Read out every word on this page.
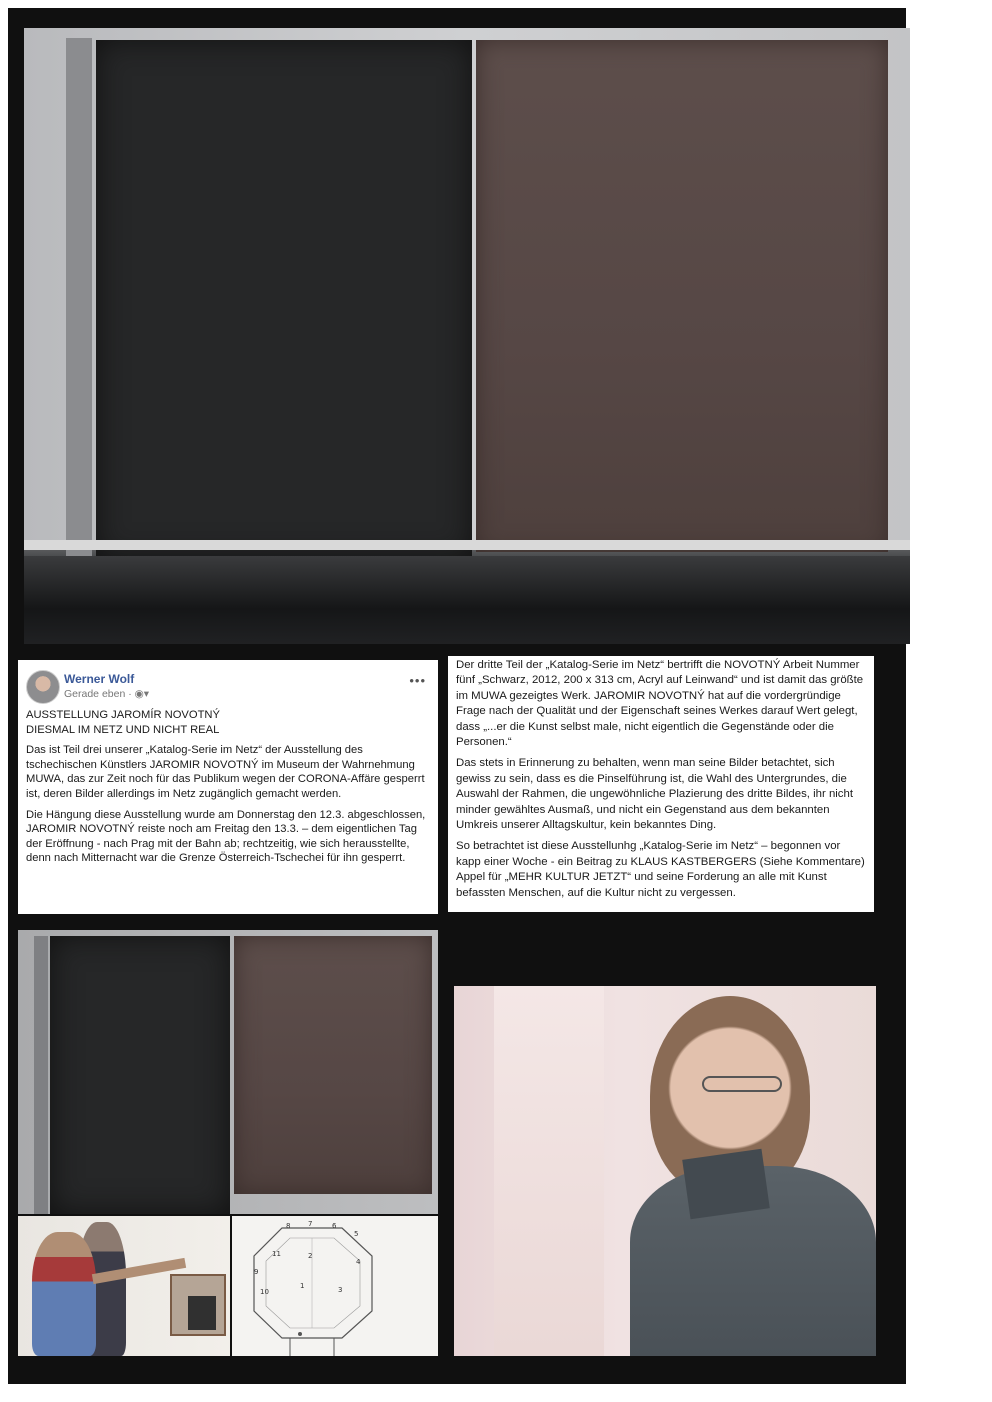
Werner Wolf
Gerade eben · ◉▾
•••

AUSSTELLUNG JAROMÍR NOVOTNÝ
DIESMAL IM NETZ UND NICHT REAL

Das ist Teil drei unserer „Katalog-Serie im Netz“ der Ausstellung des tschechischen Künstlers JAROMIR NOVOTNÝ im Museum der Wahrnehmung MUWA, das zur Zeit noch für das Publikum wegen der CORONA-Affäre gesperrt ist, deren Bilder allerdings im Netz zugänglich gemacht werden.

Die Hängung diese Ausstellung wurde am Donnerstag den 12.3. abgeschlossen, JAROMIR NOVOTNÝ reiste noch am Freitag den 13.3. – dem eigentlichen Tag der Eröffnung - nach Prag mit der Bahn ab; rechtzeitig, wie sich herausstellte, denn nach Mitternacht war die Grenze Österreich-Tschechei für ihn gesperrt.

Der dritte Teil der „Katalog-Serie im Netz“ bertrifft die NOVOTNÝ Arbeit Nummer fünf „Schwarz, 2012, 200 x 313 cm, Acryl auf Leinwand“ und ist damit das größte im MUWA gezeigtes Werk. JAROMIR NOVOTNÝ hat auf die vordergründige Frage nach der Qualität und der Eigenschaft seines Werkes darauf Wert gelegt, dass „...er die Kunst selbst male, nicht eigentlich die Gegenstände oder die Personen.“

Das stets in Erinnerung zu behalten, wenn man seine Bilder betachtet, sich gewiss zu sein, dass es die Pinselführung ist, die Wahl des Untergrundes, die Auswahl der Rahmen, die ungewöhnliche Plazierung des dritte Bildes, ihr nicht minder gewähltes Ausmaß, und nicht ein Gegenstand aus dem bekannten Umkreis unserer Alltagskultur, kein bekanntes Ding.

So betrachtet ist diese Ausstellunhg „Katalog-Serie im Netz“ – begonnen vor kapp einer Woche - ein Beitrag zu KLAUS KASTBERGERS (Siehe Kommentare) Appel für „MEHR KULTUR JETZT“ und seine Forderung an alle mit Kunst befassten Menschen, auf die Kultur nicht zu vergessen.

8	7	6
5
11	2
4
9
1	3
10
